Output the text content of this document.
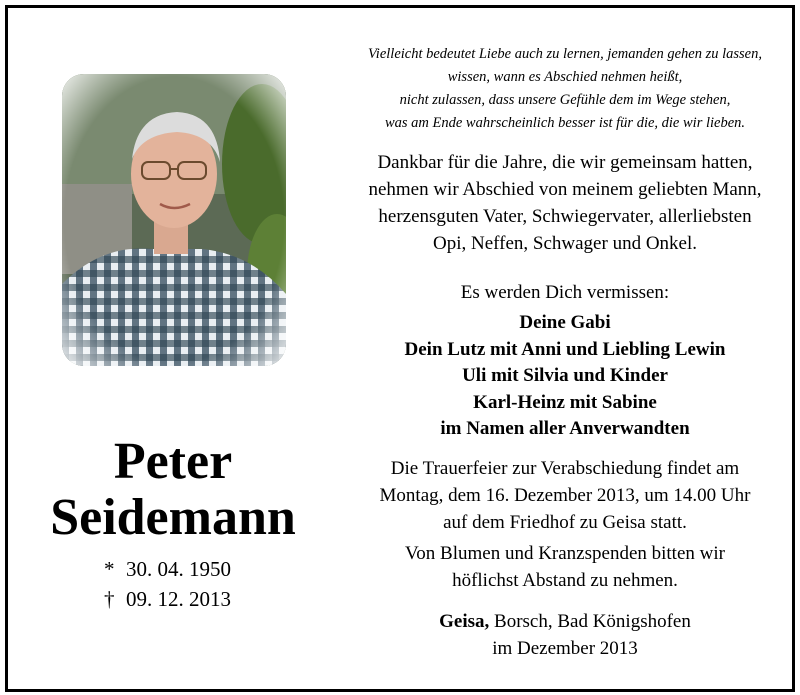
Peter
Seidemann
* 30. 04. 1950
† 09. 12. 2013
Vielleicht bedeutet Liebe auch zu lernen, jemanden gehen zu lassen,
wissen, wann es Abschied nehmen heißt,
nicht zulassen, dass unsere Gefühle dem im Wege stehen,
was am Ende wahrscheinlich besser ist für die, die wir lieben.
Dankbar für die Jahre, die wir gemeinsam hatten,
nehmen wir Abschied von meinem geliebten Mann,
herzensguten Vater, Schwiegervater, allerliebsten
Opi, Neffen, Schwager und Onkel.
Es werden Dich vermissen:
Deine Gabi
Dein Lutz mit Anni und Liebling Lewin
Uli mit Silvia und Kinder
Karl-Heinz mit Sabine
im Namen aller Anverwandten
Die Trauerfeier zur Verabschiedung findet am
Montag, dem 16. Dezember 2013, um 14.00 Uhr
auf dem Friedhof zu Geisa statt.
Von Blumen und Kranzspenden bitten wir
höflichst Abstand zu nehmen.
Geisa, Borsch, Bad Königshofen
im Dezember 2013
